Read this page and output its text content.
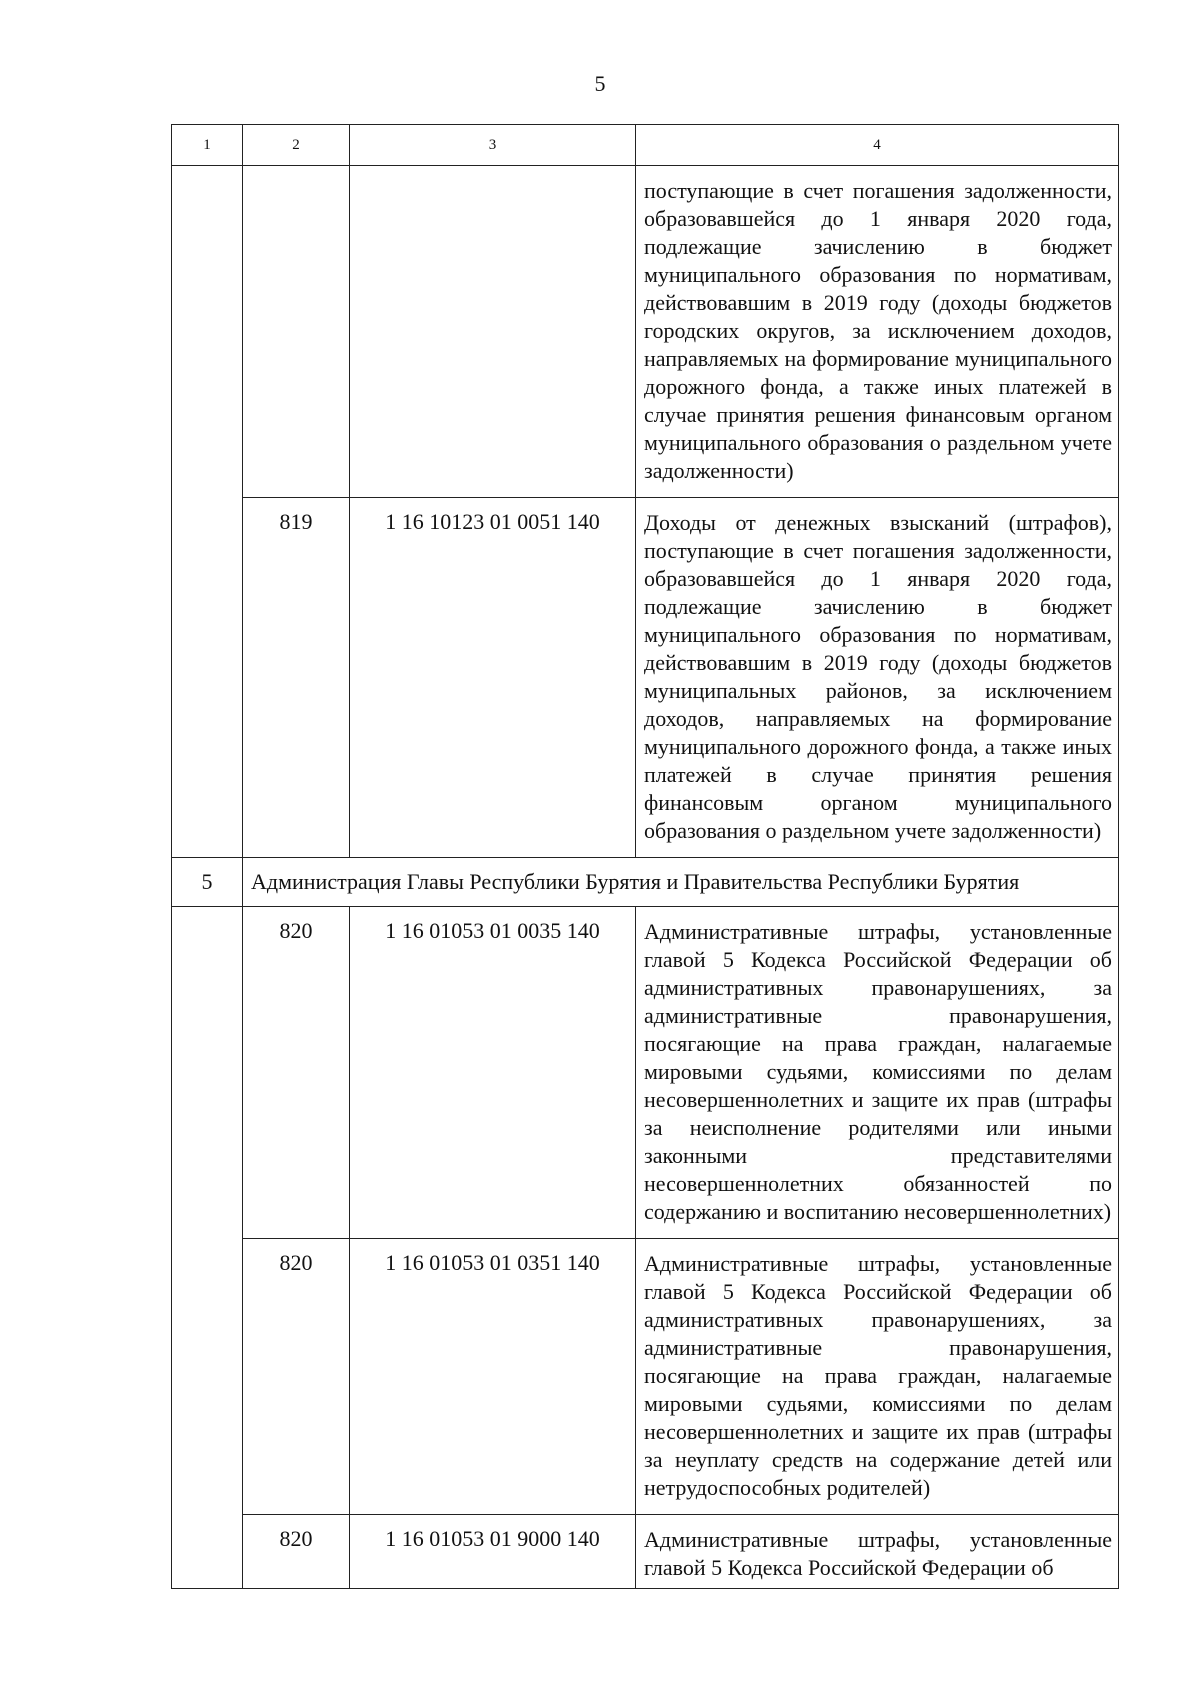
5
1	2	3	4
			поступающие в счет погашения задолженности, образовавшейся до 1 января 2020 года, подлежащие зачислению в бюджет муниципального образования по нормативам, действовавшим в 2019 году (доходы бюджетов городских округов, за исключением доходов, направляемых на формирование муниципального дорожного фонда, а также иных платежей в случае принятия решения финансовым органом муниципального образования о раздельном учете задолженности)
	819	1 16 10123 01 0051 140	Доходы от денежных взысканий (штрафов), поступающие в счет погашения задолженности, образовавшейся до 1 января 2020 года, подлежащие зачислению в бюджет муниципального образования по нормативам, действовавшим в 2019 году (доходы бюджетов муниципальных районов, за исключением доходов, направляемых на формирование муниципального дорожного фонда, а также иных платежей в случае принятия решения финансовым органом муниципального образования о раздельном учете задолженности)
5	Администрация Главы Республики Бурятия и Правительства Республики Бурятия		
	820	1 16 01053 01 0035 140	Административные штрафы, установленные главой 5 Кодекса Российской Федерации об административных правонарушениях, за административные правонарушения, посягающие на права граждан, налагаемые мировыми судьями, комиссиями по делам несовершеннолетних и защите их прав (штрафы за неисполнение родителями или иными законными представителями несовершеннолетних обязанностей по содержанию и воспитанию несовершеннолетних)
	820	1 16 01053 01 0351 140	Административные штрафы, установленные главой 5 Кодекса Российской Федерации об административных правонарушениях, за административные правонарушения, посягающие на права граждан, налагаемые мировыми судьями, комиссиями по делам несовершеннолетних и защите их прав (штрафы за неуплату средств на содержание детей или нетрудоспособных родителей)
	820	1 16 01053 01 9000 140	Административные штрафы, установленные главой 5 Кодекса Российской Федерации об
